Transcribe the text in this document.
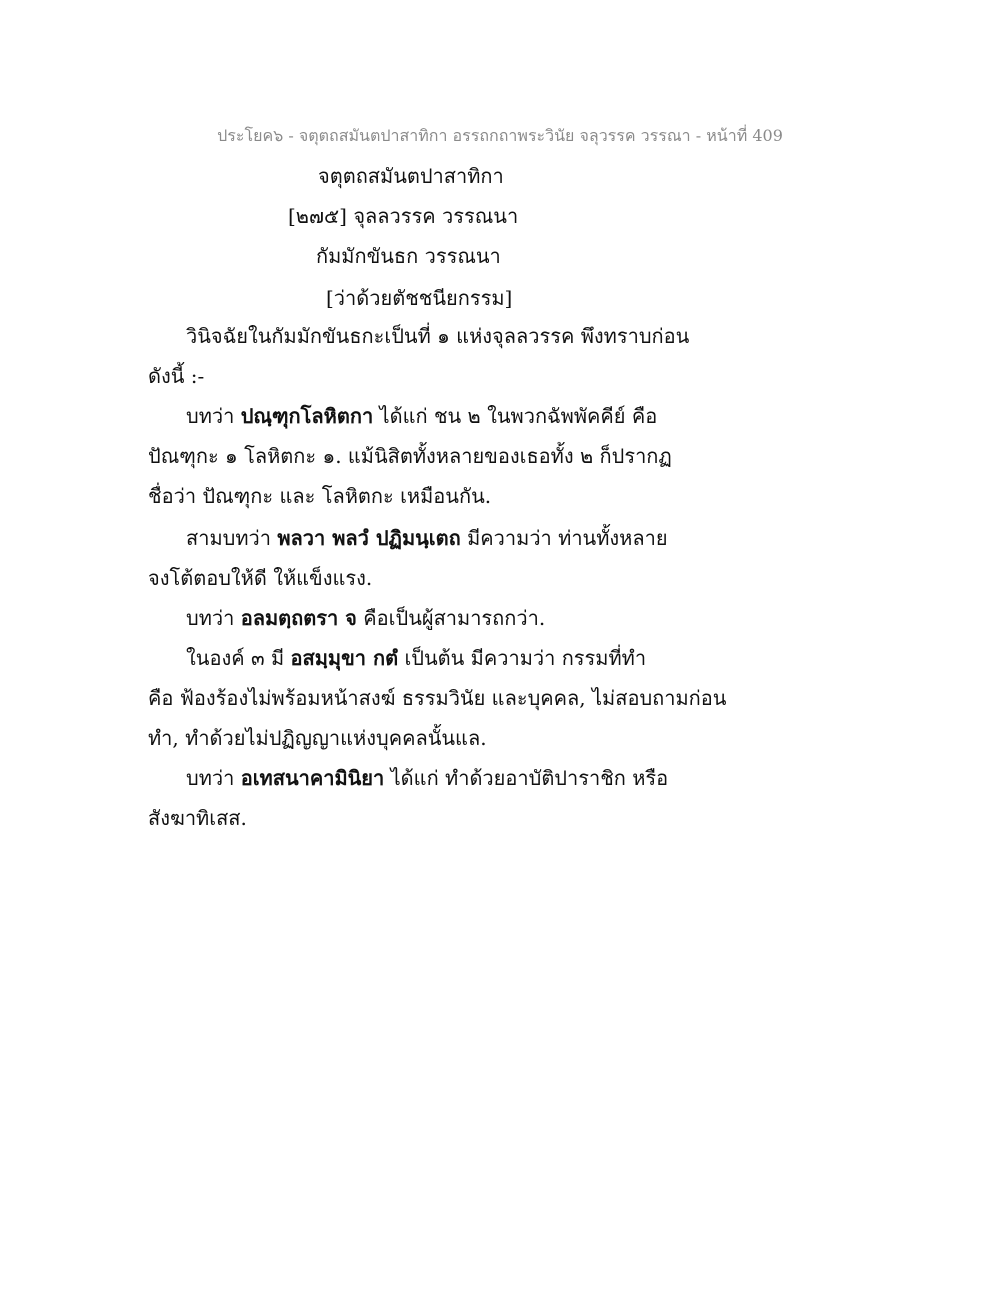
ประโยค๖ - จตุตถสมันตปาสาทิกา อรรถกถาพระวินัย จลุวรรค วรรณา - หน้าที่ 409
จตุตถสมันตปาสาทิกา
[๒๗๕] จุลลวรรค วรรณนา
กัมมักขันธก วรรณนา
[ว่าด้วยตัชชนียกรรม]
วินิจฉัยในกัมมักขันธกะเป็นที่ ๑ แห่งจุลลวรรค พึงทราบก่อน
ดังนี้ :-
บทว่า ปณฺฑุกโลหิตกา ได้แก่ ชน ๒ ในพวกฉัพพัคคีย์ คือ
ปัณฑุกะ ๑ โลหิตกะ ๑. แม้นิสิตทั้งหลายของเธอทั้ง ๒ ก็ปรากฏ
ชื่อว่า ปัณฑุกะ และ โลหิตกะ เหมือนกัน.
สามบทว่า พลวา พลวํ ปฏิมนฺเตถ มีความว่า ท่านทั้งหลาย
จงโต้ตอบให้ดี ให้แข็งแรง.
บทว่า อลมตฺถตรา จ คือเป็นผู้สามารถกว่า.
ในองค์ ๓ มี อสมฺมุขา กตํ เป็นต้น มีความว่า กรรมที่ทำ
คือ ฟ้องร้องไม่พร้อมหน้าสงฆ์ ธรรมวินัย และบุคคล, ไม่สอบถามก่อน
ทำ, ทำด้วยไม่ปฏิญญาแห่งบุคคลนั้นแล.
บทว่า อเทสนาคามินิยา ได้แก่ ทำด้วยอาบัติปาราชิก หรือ
สังฆาทิเสส.
